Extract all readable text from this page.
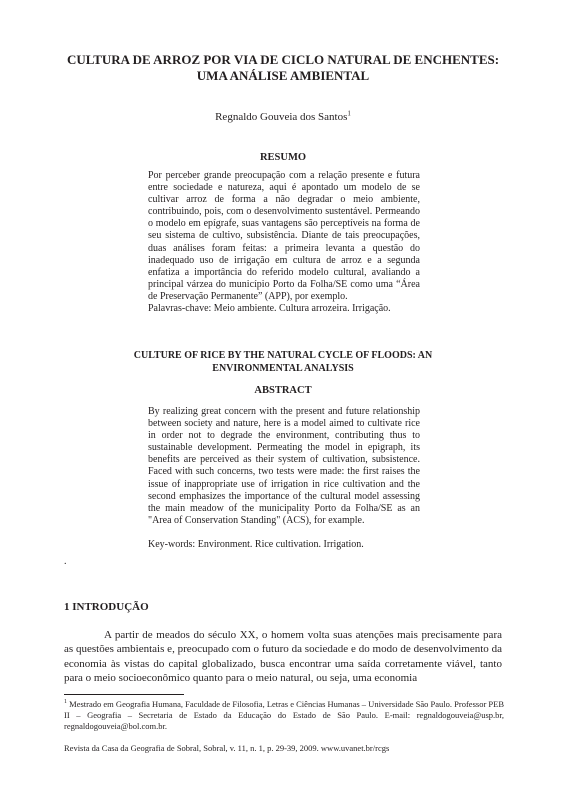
CULTURA DE ARROZ POR VIA DE CICLO NATURAL DE ENCHENTES: UMA ANÁLISE AMBIENTAL
Regnaldo Gouveia dos Santos$^1$
RESUMO

Por perceber grande preocupação com a relação presente e futura entre sociedade e natureza, aqui é apontado um modelo de se cultivar arroz de forma a não degradar o meio ambiente, contribuindo, pois, com o desenvolvimento sustentável. Permeando o modelo em epígrafe, suas vantagens são perceptíveis na forma de seu sistema de cultivo, subsistência. Diante de tais preocupações, duas análises foram feitas: a primeira levanta a questão do inadequado uso de irrigação em cultura de arroz e a segunda enfatiza a importância do referido modelo cultural, avaliando a principal várzea do município Porto da Folha/SE como uma “Área de Preservação Permanente” (APP), por exemplo.

Palavras-chave: Meio ambiente. Cultura arrozeira. Irrigação.
CULTURE OF RICE BY THE NATURAL CYCLE OF FLOODS: AN ENVIRONMENTAL ANALYSIS
ABSTRACT

By realizing great concern with the present and future relationship between society and nature, here is a model aimed to cultivate rice in order not to degrade the environment, contributing thus to sustainable development. Permeating the model in epigraph, its benefits are perceived as their system of cultivation, subsistence. Faced with such concerns, two tests were made: the first raises the issue of inappropriate use of irrigation in rice cultivation and the second emphasizes the importance of the cultural model assessing the main meadow of the municipality Porto da Folha/SE as an "Area of Conservation Standing" (ACS), for example.

Key-words: Environment. Rice cultivation. Irrigation.
.
1 INTRODUÇÃO

A partir de meados do século XX, o homem volta suas atenções mais precisamente para as questões ambientais e, preocupado com o futuro da sociedade e do modo de desenvolvimento da economia às vistas do capital globalizado, busca encontrar uma saída corretamente viável, tanto para o meio socioeconômico quanto para o meio natural, ou seja, uma economia

$^1$ Mestrado em Geografia Humana, Faculdade de Filosofia, Letras e Ciências Humanas – Universidade São Paulo. Professor PEB II – Geografia – Secretaria de Estado da Educação do Estado de São Paulo. E-mail: regnaldogouveia@usp.br, regnaldogouveia@bol.com.br.

Revista da Casa da Geografia de Sobral, Sobral, v. 11, n. 1, p. 29-39, 2009. www.uvanet.br/rcgs
